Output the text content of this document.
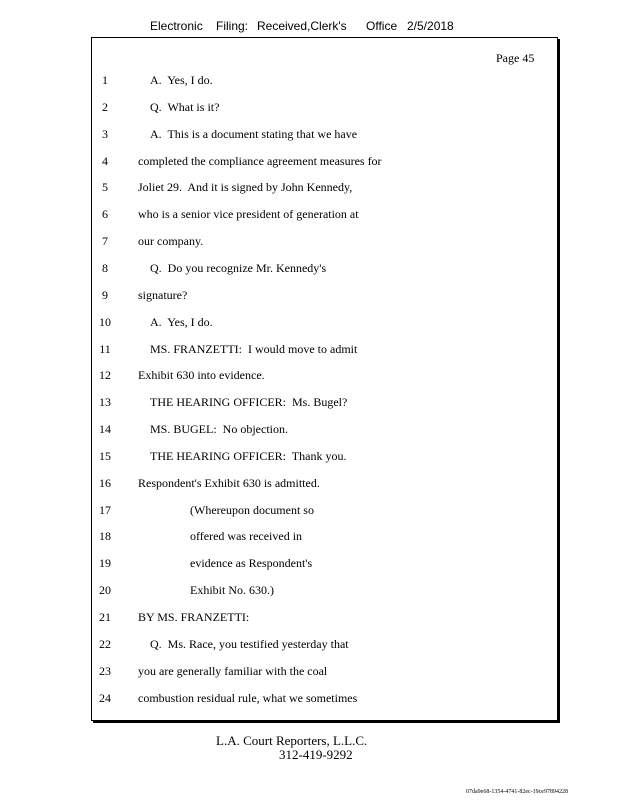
Electronic Filing: Received,Clerk's Office 2/5/2018
Page 45
1	A.  Yes, I do.
2	Q.  What is it?
3	A.  This is a document stating that we have
4	completed the compliance agreement measures for
5	Joliet 29.  And it is signed by John Kennedy,
6	who is a senior vice president of generation at
7	our company.
8	Q.  Do you recognize Mr. Kennedy's
9	signature?
10	A.  Yes, I do.
11	MS. FRANZETTI:  I would move to admit
12	Exhibit 630 into evidence.
13	THE HEARING OFFICER:  Ms. Bugel?
14	MS. BUGEL:  No objection.
15	THE HEARING OFFICER:  Thank you.
16	Respondent's Exhibit 630 is admitted.
17	(Whereupon document so
18	offered was received in
19	evidence as Respondent's
20	Exhibit No. 630.)
21	BY MS. FRANZETTI:
22	Q.  Ms. Race, you testified yesterday that
23	you are generally familiar with the coal
24	combustion residual rule, what we sometimes
L.A. Court Reporters, L.L.C.
312-419-9292
07da9e68-1354-4741-82ec-19ce97894228
